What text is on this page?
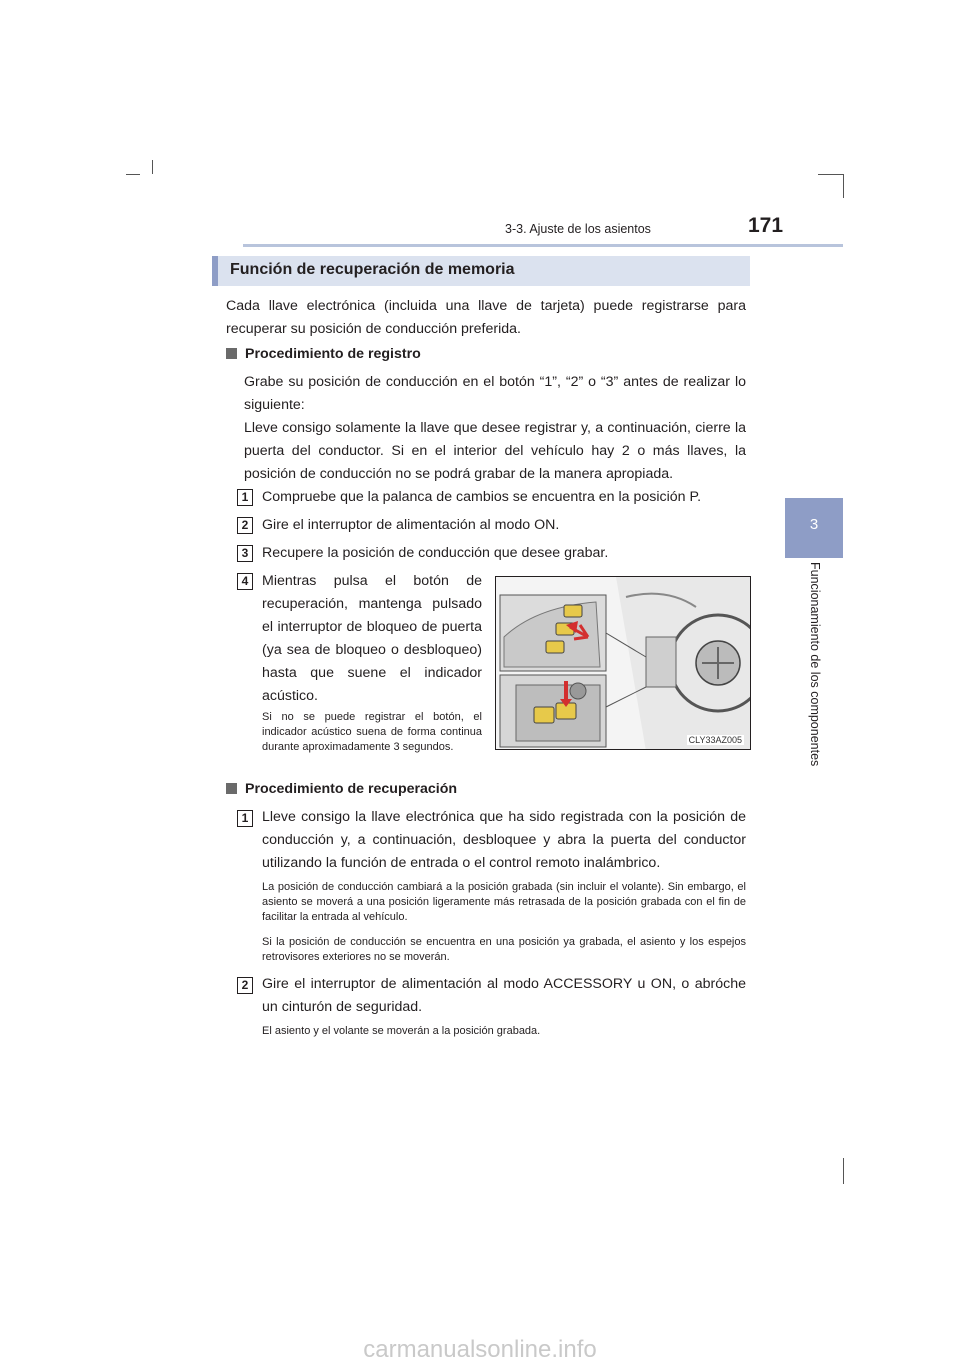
3-3. Ajuste de los asientos	171
3
Funcionamiento de los componentes
Función de recuperación de memoria
Cada llave electrónica (incluida una llave de tarjeta) puede registrarse para recuperar su posición de conducción preferida.
Procedimiento de registro
Grabe su posición de conducción en el botón “1”, “2” o “3” antes de realizar lo siguiente:
Lleve consigo solamente la llave que desee registrar y, a continuación, cierre la puerta del conductor. Si en el interior del vehículo hay 2 o más llaves, la posición de conducción no se podrá grabar de la manera apropiada.
1 Compruebe que la palanca de cambios se encuentra en la posición P.
2 Gire el interruptor de alimentación al modo ON.
3 Recupere la posición de conducción que desee grabar.
4 Mientras pulsa el botón de recuperación, mantenga pulsado el interruptor de bloqueo de puerta (ya sea de bloqueo o desbloqueo) hasta que suene el indicador acústico.
Si no se puede registrar el botón, el indicador acústico suena de forma continua durante aproximadamente 3 segundos.
CLY33AZ005
Procedimiento de recuperación
1 Lleve consigo la llave electrónica que ha sido registrada con la posición de conducción y, a continuación, desbloquee y abra la puerta del conductor utilizando la función de entrada o el control remoto inalámbrico.
La posición de conducción cambiará a la posición grabada (sin incluir el volante). Sin embargo, el asiento se moverá a una posición ligeramente más retrasada de la posición grabada con el fin de facilitar la entrada al vehículo.
Si la posición de conducción se encuentra en una posición ya grabada, el asiento y los espejos retrovisores exteriores no se moverán.
2 Gire el interruptor de alimentación al modo ACCESSORY u ON, o abróche un cinturón de seguridad.
El asiento y el volante se moverán a la posición grabada.
carmanualsonline.info
